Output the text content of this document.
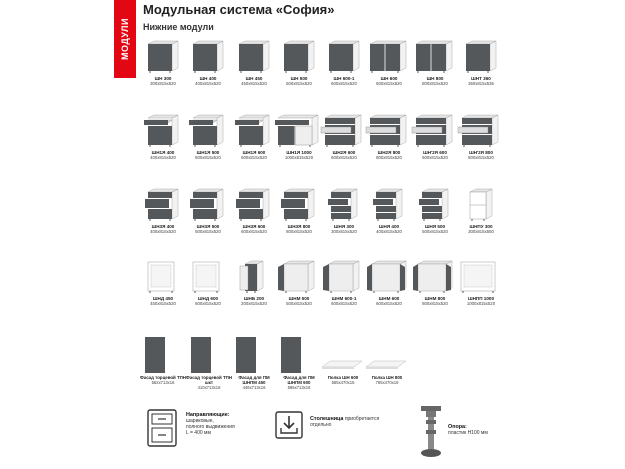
МОДУЛИ
Модульная система «София»
Нижние модули
ШН 300
300х815х520
ШН 400
400х815х520
ШН 450
450х815х520
ШН 500
500х815х520
ШН 600-1
600х815х520
ШН 600
600х815х520
ШН 800
800х815х520
ШНТ 360
360х815х536
ШН1Я 400
400х815х520
ШН1Я 500
500х815х520
ШН1Я 600
600х815х520
ШН1Я 1000
1000х815х520
ШН2Я 600
600х815х520
ШН2Я 800
800х815х520
ШН'2Я 600
600х815х520
ШН'2Я 800
800х815х520
ШН3Я 400
400х815х520
ШН3Я 500
500х815х520
ШН3Я 600
600х815х520
ШН3Я 800
800х815х520
ШНЯ 300
300х815х520
ШНЯ 400
400х815х520
ШНЯ 500
500х815х520
ШНПУ 300
300х815х550
ШНД 450
450х815х520
ШНД 600
600х815х520
ШНБ 200
200х815х520
ШНМ 500
500х815х520
ШНМ 600-1
600х815х520
ШНМ 600
600х815х520
ШНМ 800
800х815х520
ШНПП 1000
1000х815х520
Фасад торцевой ТПН
562х713х16
Фасад торцевой ТПН шкт
410х713х16
Фасад для ПМ ШНПМ 450
446х713х16
Фасад для ПМ ШНПМ 600
596х713х16
Полка ШН 600
565х470х16
Полка ШН 800
765х470х16
Направляющие:
шариковые,
полного выдвижения
L = 400 мм
Столешница приобретается
отдельно	Опора:
пластик H100 мм
